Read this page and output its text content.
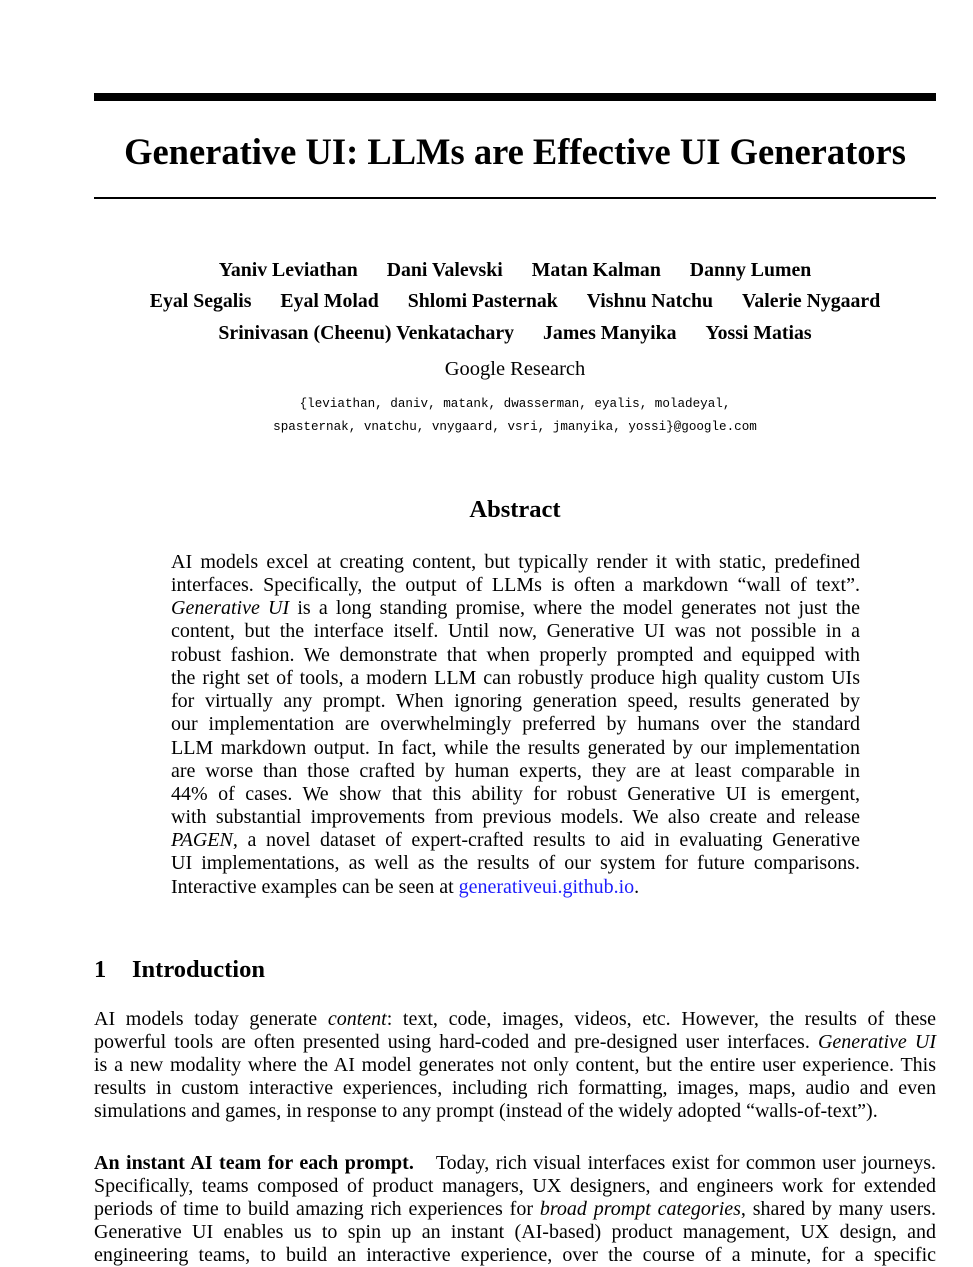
Generative UI: LLMs are Effective UI Generators
Yaniv Leviathan Dani Valevski Matan Kalman Danny Lumen
Eyal Segalis Eyal Molad Shlomi Pasternak Vishnu Natchu Valerie Nygaard
Srinivasan (Cheenu) Venkatachary James Manyika Yossi Matias
Google Research
{leviathan, daniv, matank, dwasserman, eyalis, moladeyal,
spasternak, vnatchu, vnygaard, vsri, jmanyika, yossi}@google.com
Abstract
AI models excel at creating content, but typically render it with static, predefined
interfaces. Specifically, the output of LLMs is often a markdown “wall of text”.
Generative UI is a long standing promise, where the model generates not just the
content, but the interface itself. Until now, Generative UI was not possible in a
robust fashion. We demonstrate that when properly prompted and equipped with
the right set of tools, a modern LLM can robustly produce high quality custom UIs
for virtually any prompt. When ignoring generation speed, results generated by
our implementation are overwhelmingly preferred by humans over the standard
LLM markdown output. In fact, while the results generated by our implementation
are worse than those crafted by human experts, they are at least comparable in
44% of cases. We show that this ability for robust Generative UI is emergent,
with substantial improvements from previous models. We also create and release
PAGEN, a novel dataset of expert-crafted results to aid in evaluating Generative
UI implementations, as well as the results of our system for future comparisons.
Interactive examples can be seen at generativeui.github.io.
1 Introduction
AI models today generate content: text, code, images, videos, etc. However, the results of these
powerful tools are often presented using hard-coded and pre-designed user interfaces. Generative UI
is a new modality where the AI model generates not only content, but the entire user experience. This
results in custom interactive experiences, including rich formatting, images, maps, audio and even
simulations and games, in response to any prompt (instead of the widely adopted “walls-of-text”).
An instant AI team for each prompt. Today, rich visual interfaces exist for common user journeys.
Specifically, teams composed of product managers, UX designers, and engineers work for extended
periods of time to build amazing rich experiences for broad prompt categories, shared by many users.
Generative UI enables us to spin up an instant (AI-based) product management, UX design, and
engineering teams, to build an interactive experience, over the course of a minute, for a specific
